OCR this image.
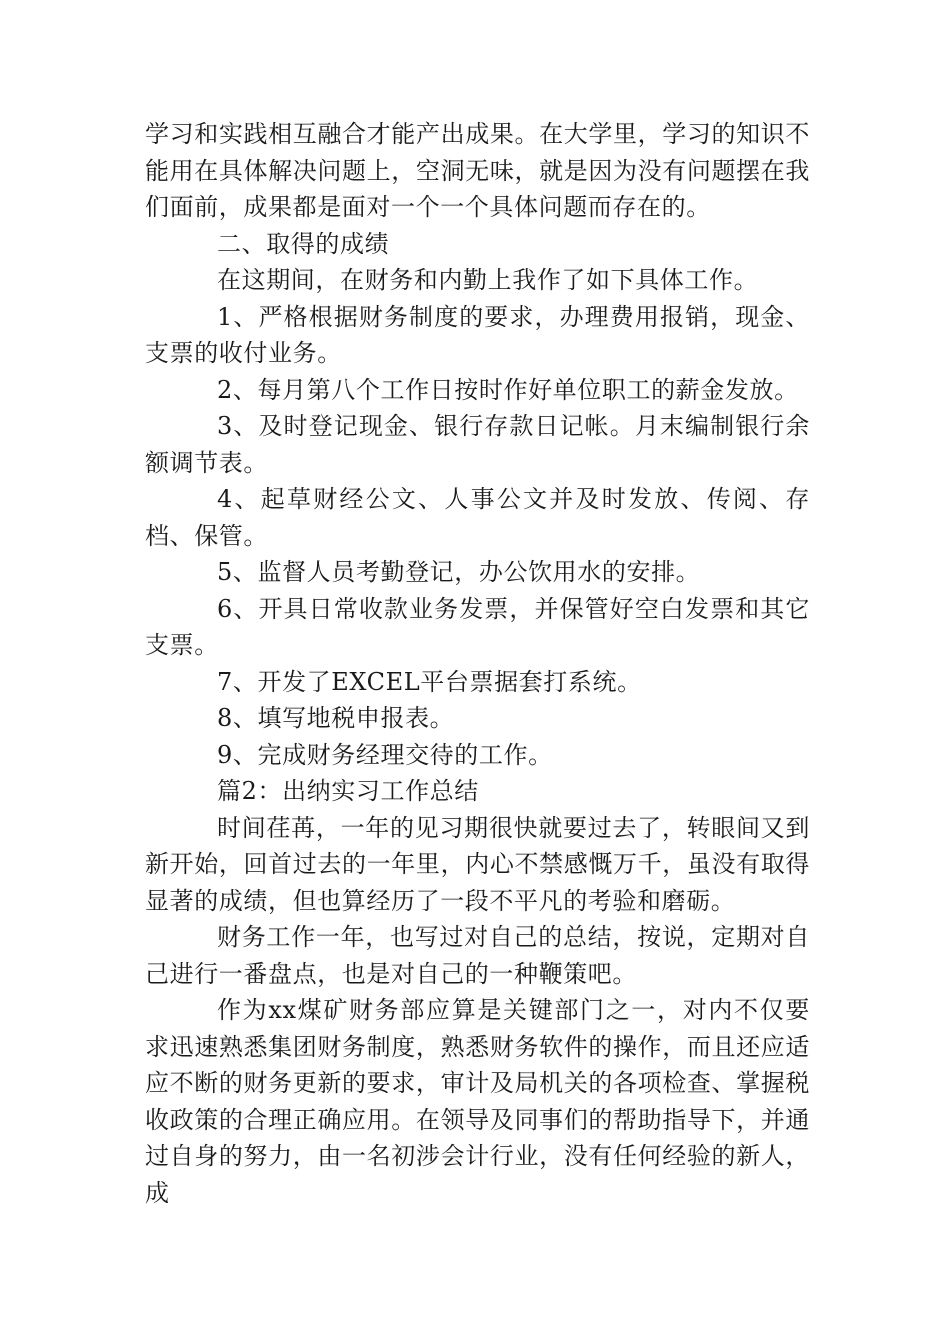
学习和实践相互融合才能产出成果。在大学里，学习的知识不能用在具体解决问题上，空洞无味，就是因为没有问题摆在我们面前，成果都是面对一个一个具体问题而存在的。

二、取得的成绩

在这期间，在财务和内勤上我作了如下具体工作。

1、严格根据财务制度的要求，办理费用报销，现金、支票的收付业务。

2、每月第八个工作日按时作好单位职工的薪金发放。

3、及时登记现金、银行存款日记帐。月末编制银行余额调节表。

4、起草财经公文、人事公文并及时发放、传阅、存档、保管。

5、监督人员考勤登记，办公饮用水的安排。

6、开具日常收款业务发票，并保管好空白发票和其它支票。

7、开发了EXCEL平台票据套打系统。

8、填写地税申报表。

9、完成财务经理交待的工作。

篇2：出纳实习工作总结

时间荏苒，一年的见习期很快就要过去了，转眼间又到新开始，回首过去的一年里，内心不禁感慨万千，虽没有取得显著的成绩，但也算经历了一段不平凡的考验和磨砺。

财务工作一年，也写过对自己的总结，按说，定期对自己进行一番盘点，也是对自己的一种鞭策吧。

作为xx煤矿财务部应算是关键部门之一，对内不仅要求迅速熟悉集团财务制度，熟悉财务软件的操作，而且还应适应不断的财务更新的要求，审计及局机关的各项检查、掌握税收政策的合理正确应用。在领导及同事们的帮助指导下，并通过自身的努力，由一名初涉会计行业，没有任何经验的新人，成
